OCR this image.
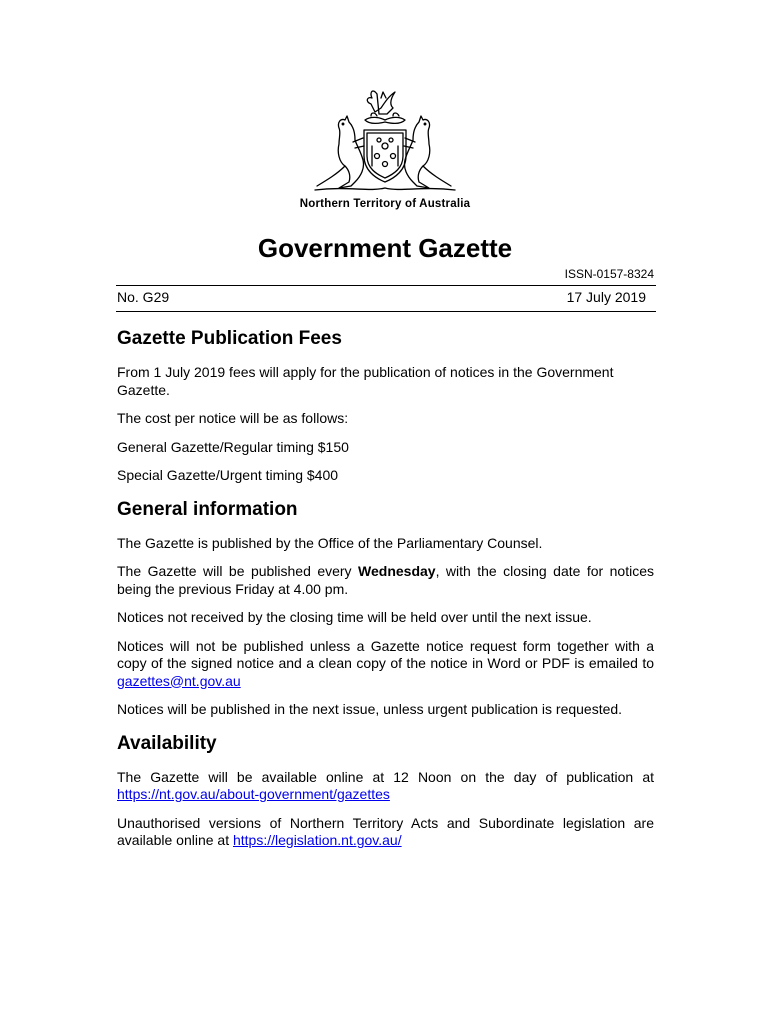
Northern Territory of Australia
Government Gazette
ISSN-0157-8324
No. G29	17 July 2019
Gazette Publication Fees

From 1 July 2019 fees will apply for the publication of notices in the Government Gazette.

The cost per notice will be as follows:

General Gazette/Regular timing $150

Special Gazette/Urgent timing $400

General information

The Gazette is published by the Office of the Parliamentary Counsel.

The Gazette will be published every Wednesday, with the closing date for notices being the previous Friday at 4.00 pm.

Notices not received by the closing time will be held over until the next issue.

Notices will not be published unless a Gazette notice request form together with a copy of the signed notice and a clean copy of the notice in Word or PDF is emailed to gazettes@nt.gov.au

Notices will be published in the next issue, unless urgent publication is requested.

Availability

The Gazette will be available online at 12 Noon on the day of publication at https://nt.gov.au/about-government/gazettes

Unauthorised versions of Northern Territory Acts and Subordinate legislation are available online at https://legislation.nt.gov.au/
